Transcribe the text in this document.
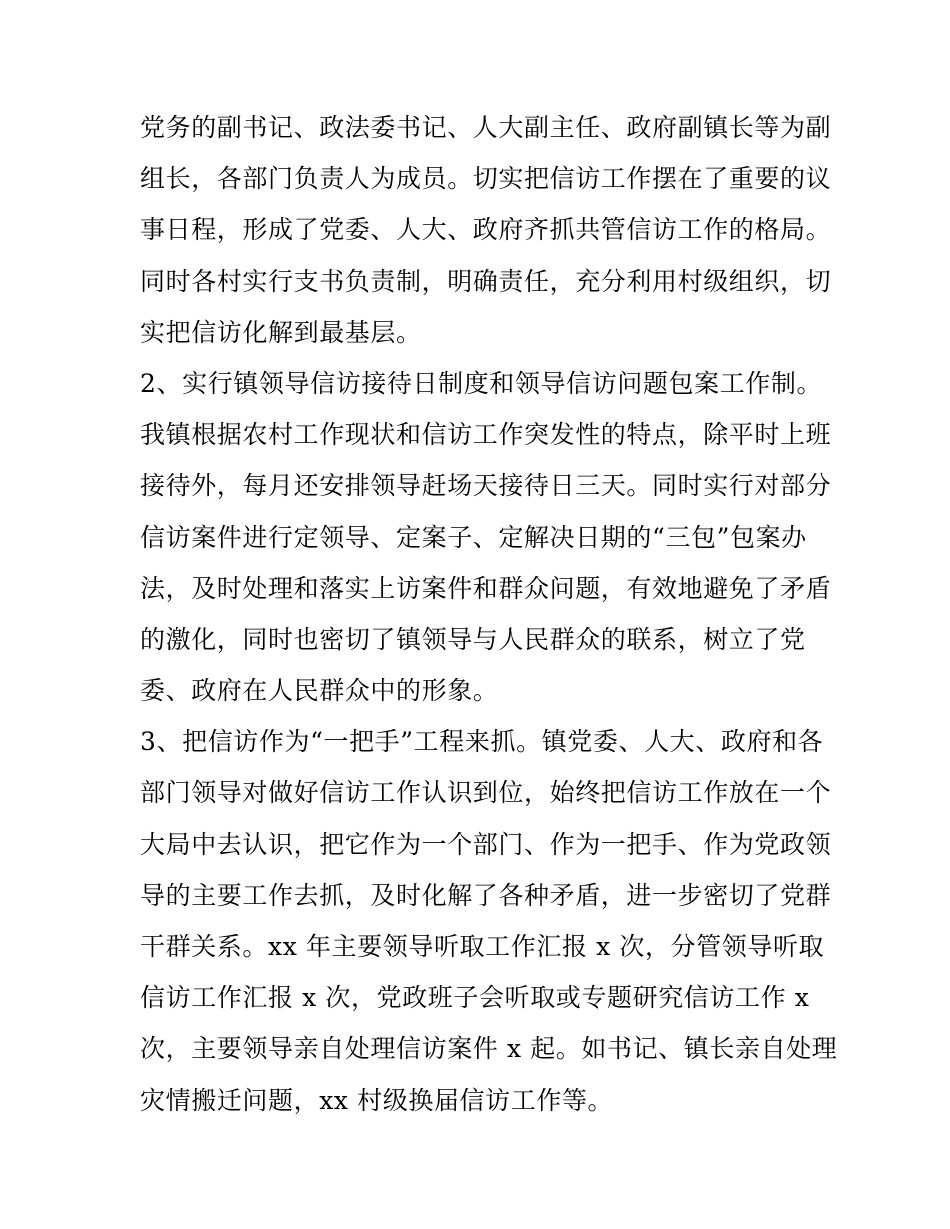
党务的副书记、政法委书记、人大副主任、政府副镇长等为副
组长，各部门负责人为成员。切实把信访工作摆在了重要的议
事日程，形成了党委、人大、政府齐抓共管信访工作的格局。
同时各村实行支书负责制，明确责任，充分利用村级组织，切
实把信访化解到最基层。
2、实行镇领导信访接待日制度和领导信访问题包案工作制。
我镇根据农村工作现状和信访工作突发性的特点，除平时上班
接待外，每月还安排领导赶场天接待日三天。同时实行对部分
信访案件进行定领导、定案子、定解决日期的“三包”包案办
法，及时处理和落实上访案件和群众问题，有效地避免了矛盾
的激化，同时也密切了镇领导与人民群众的联系，树立了党
委、政府在人民群众中的形象。
3、把信访作为“一把手”工程来抓。镇党委、人大、政府和各
部门领导对做好信访工作认识到位，始终把信访工作放在一个
大局中去认识，把它作为一个部门、作为一把手、作为党政领
导的主要工作去抓，及时化解了各种矛盾，进一步密切了党群
干群关系。xx 年主要领导听取工作汇报 x 次，分管领导听取
信访工作汇报 x 次，党政班子会听取或专题研究信访工作 x
次，主要领导亲自处理信访案件 x 起。如书记、镇长亲自处理
灾情搬迁问题，xx 村级换届信访工作等。
